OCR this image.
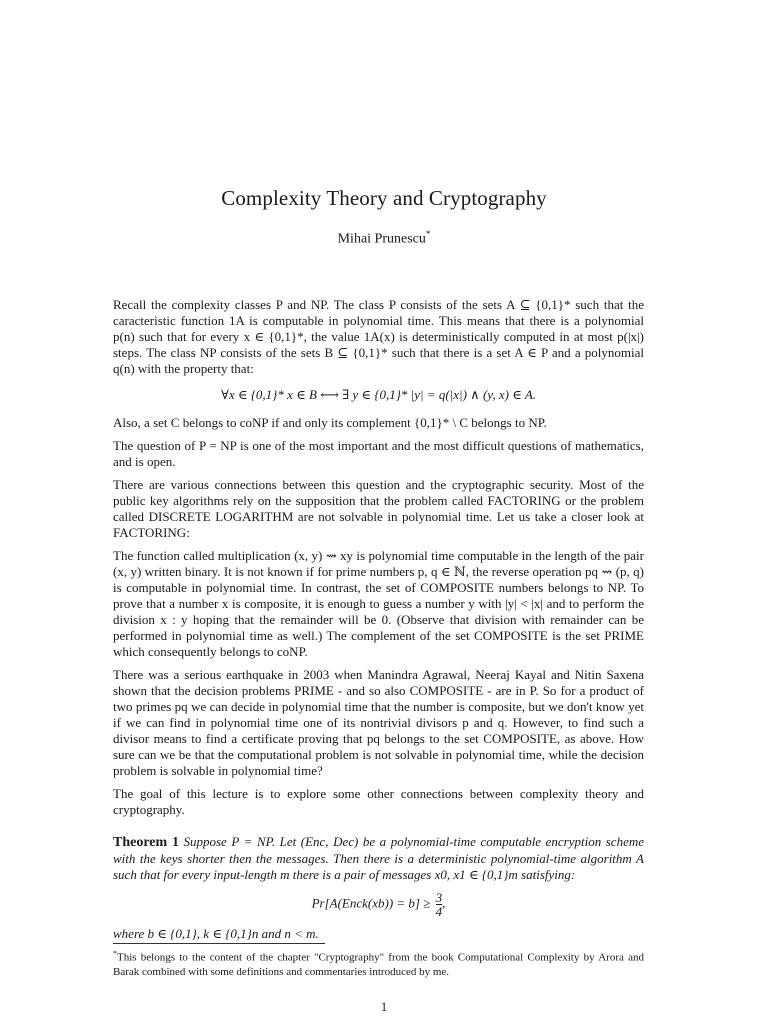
Complexity Theory and Cryptography
Mihai Prunescu*

Recall the complexity classes P and NP. The class P consists of the sets A ⊆ {0,1}* such that the caracteristic function 1A is computable in polynomial time. This means that there is a polynomial p(n) such that for every x ∈ {0,1}*, the value 1A(x) is deterministically computed in at most p(|x|) steps. The class NP consists of the sets B ⊆ {0,1}* such that there is a set A ∈ P and a polynomial q(n) with the property that:

∀x ∈ {0,1}* x ∈ B ⟷ ∃ y ∈ {0,1}* |y| = q(|x|) ∧ (y, x) ∈ A.

Also, a set C belongs to coNP if and only its complement {0,1}* \ C belongs to NP.

The question of P = NP is one of the most important and the most difficult questions of mathematics, and is open.

There are various connections between this question and the cryptographic security. Most of the public key algorithms rely on the supposition that the problem called FACTORING or the problem called DISCRETE LOGARITHM are not solvable in polynomial time. Let us take a closer look at FACTORING:

The function called multiplication (x, y) ⇝ xy is polynomial time computable in the length of the pair (x, y) written binary. It is not known if for prime numbers p, q ∈ ℕ, the reverse operation pq ⇝ (p, q) is computable in polynomial time. In contrast, the set of COMPOSITE numbers belongs to NP. To prove that a number x is composite, it is enough to guess a number y with |y| < |x| and to perform the division x : y hoping that the remainder will be 0. (Observe that division with remainder can be performed in polynomial time as well.) The complement of the set COMPOSITE is the set PRIME which consequently belongs to coNP.

There was a serious earthquake in 2003 when Manindra Agrawal, Neeraj Kayal and Nitin Saxena shown that the decision problems PRIME - and so also COMPOSITE - are in P. So for a product of two primes pq we can decide in polynomial time that the number is composite, but we don't know yet if we can find in polynomial time one of its nontrivial divisors p and q. However, to find such a divisor means to find a certificate proving that pq belongs to the set COMPOSITE, as above. How sure can we be that the computational problem is not solvable in polynomial time, while the decision problem is solvable in polynomial time?

The goal of this lecture is to explore some other connections between complexity theory and cryptography.

Theorem 1 Suppose P = NP. Let (Enc, Dec) be a polynomial-time computable encryption scheme with the keys shorter then the messages. Then there is a deterministic polynomial-time algorithm A such that for every input-length m there is a pair of messages x0, x1 ∈ {0,1}m satisfying:
Pr[A(Enck(xb)) = $b] \ge \frac{3}{4}$ ,
where b ∈ {0,1}, k ∈ {0,1}n and n < m.
*This belongs to the content of the chapter "Cryptography" from the book Computational Complexity by Arora and Barak combined with some definitions and commentaries introduced by me.
1
